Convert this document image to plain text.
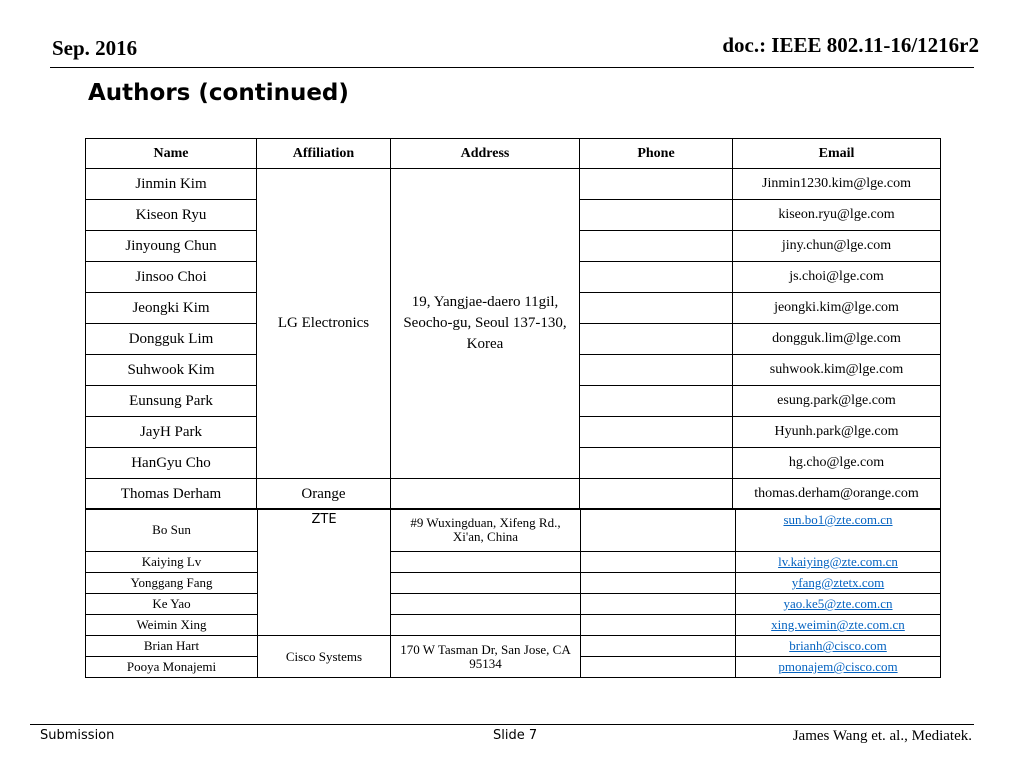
Sep. 2016	doc.: IEEE 802.11-16/1216r2
Authors (continued)
Name	Affiliation	Address	Phone	Email
Jinmin Kim	LG Electronics	19, Yangjae-daero 11gil, Seocho-gu, Seoul 137-130, Korea		Jinmin1230.kim@lge.com
Kiseon Ryu				kiseon.ryu@lge.com
Jinyoung Chun				jiny.chun@lge.com
Jinsoo Choi				js.choi@lge.com
Jeongki Kim				jeongki.kim@lge.com
Dongguk Lim				dongguk.lim@lge.com
Suhwook Kim				suhwook.kim@lge.com
Eunsung Park				esung.park@lge.com
JayH Park				Hyunh.park@lge.com
HanGyu Cho				hg.cho@lge.com
Thomas Derham	Orange			thomas.derham@orange.com
Bo Sun	ZTE	#9 Wuxingduan, Xifeng Rd., Xi'an, China		sun.bo1@zte.com.cn
Kaiying Lv				lv.kaiying@zte.com.cn
Yonggang Fang				yfang@ztetx.com
Ke Yao				yao.ke5@zte.com.cn
Weimin Xing				xing.weimin@zte.com.cn
Brian Hart	Cisco Systems	170 W Tasman Dr, San Jose, CA 95134		brianh@cisco.com
Pooya Monajemi				pmonajem@cisco.com
Submission	Slide 7	James Wang et. al., Mediatek.
